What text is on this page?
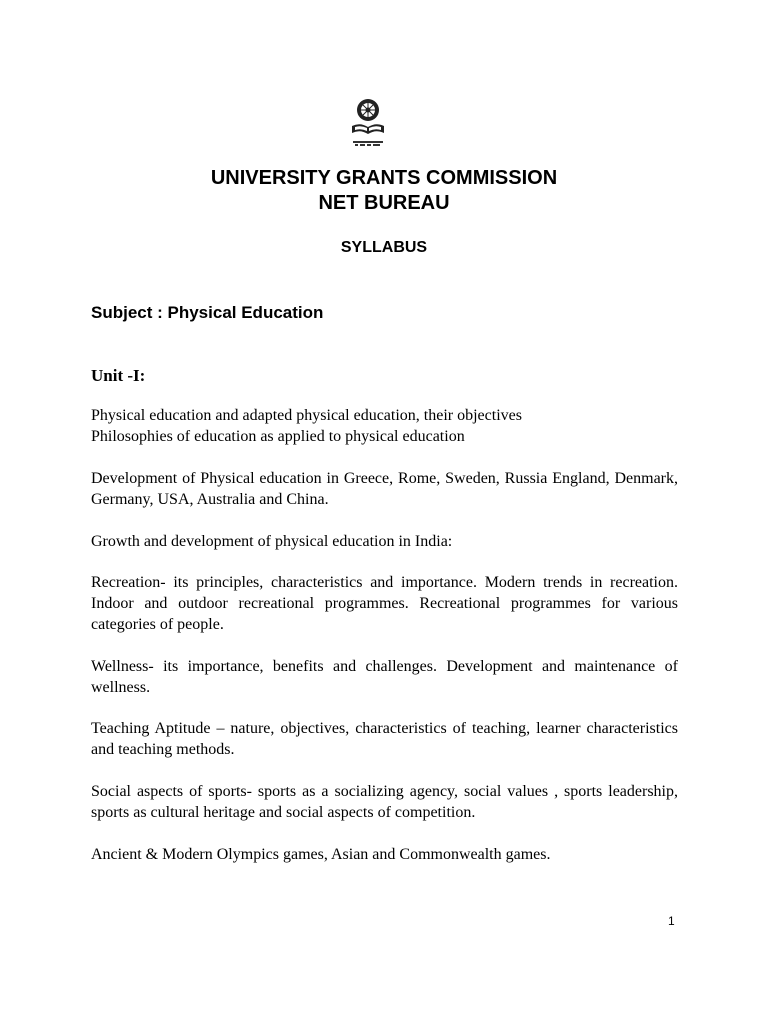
UNIVERSITY GRANTS COMMISSION
NET BUREAU
SYLLABUS
Subject : Physical Education
Unit -I:
Physical education and adapted physical education, their objectives
Philosophies of education as applied to physical education
Development of Physical education in Greece, Rome, Sweden, Russia England, Denmark, Germany, USA, Australia and China.
Growth and development of physical education in India:
Recreation- its principles, characteristics and importance. Modern trends in recreation. Indoor and outdoor recreational programmes. Recreational programmes for various categories of people.
Wellness- its importance, benefits and challenges. Development and maintenance of wellness.
Teaching Aptitude – nature, objectives, characteristics of teaching, learner characteristics and teaching methods.
Social aspects of sports- sports as a socializing agency, social values , sports leadership, sports as cultural heritage and social aspects of competition.
Ancient & Modern Olympics games, Asian and Commonwealth games.
1
